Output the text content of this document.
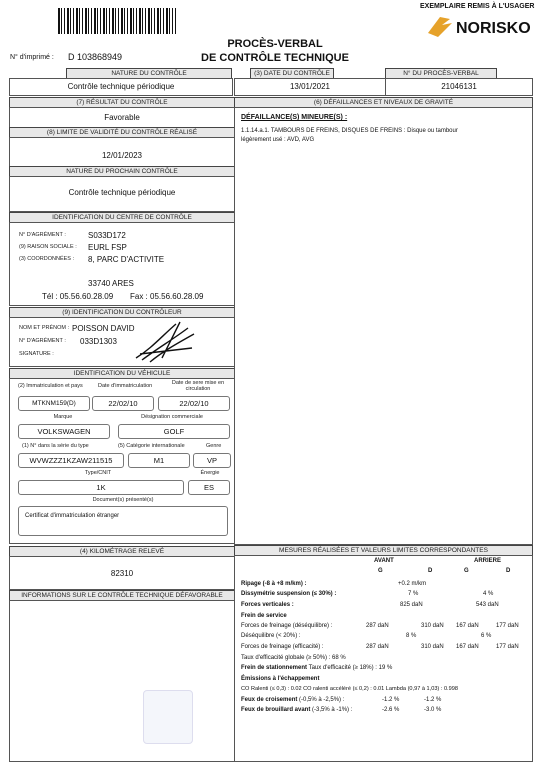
EXEMPLAIRE REMIS À L'USAGER
NORISKO
PROCÈS-VERBAL
DE CONTRÔLE TECHNIQUE
N° d'imprimé : D 103868949
NATURE DU CONTRÔLE
Contrôle technique périodique
(3) DATE DU CONTRÔLE
13/01/2021
N° DU PROCÈS-VERBAL
21046131
(7) RÉSULTAT DU CONTRÔLE
Favorable
(8) LIMITE DE VALIDITÉ DU CONTRÔLE RÉALISÉ
12/01/2023
NATURE DU PROCHAIN CONTRÔLE
Contrôle technique périodique
IDENTIFICATION DU CENTRE DE CONTRÔLE
N° D'AGRÉMENT :	S033D172
(9) RAISON SOCIALE : EURL FSP
(3) COORDONNÉES : 8, PARC D'ACTIVITE
33740 ARES
Tél : 05.56.60.28.09 Fax : 05.56.60.28.09
(9) IDENTIFICATION DU CONTRÔLEUR
NOM ET PRÉNOM : POISSON DAVID
N° D'AGRÉMENT : 033D1303
SIGNATURE :
IDENTIFICATION DU VÉHICULE
(2) Immatriculation et pays	Date d'immatriculation	Date de sere mise en circulation
MTKNM159(D)	22/02/10	22/02/10
Marque	Désignation commerciale
VOLKSWAGEN	GOLF
(1) N° dans la série du type	(5) Catégorie internationale	Genre
WVWZZZ1KZAW211515	M1	VP
Type/CNIT	Énergie
1K	ES
Document(s) présenté(s)
Certificat d'immatriculation étranger
(4) KILOMÉTRAGE RELEVÉ
82310
INFORMATIONS SUR LE CONTRÔLE TECHNIQUE DÉFAVORABLE
(6) DÉFAILLANCES ET NIVEAUX DE GRAVITÉ
DÉFAILLANCE(S) MINEURE(S) :
1.1.14.a.1. TAMBOURS DE FREINS, DISQUES DE FREINS : Disque ou tambour
légèrement usé : AVD, AVG
MESURES RÉALISÉES ET VALEURS LIMITES CORRESPONDANTES
AVANT	ARRIERE
G	D	G	D
Ripage (-8 à +8 m/km) :	+0.2 m/km
Dissymétrie suspension (≤ 30%) :	7 %	4 %
Forces verticales :	825 daN	543 daN
Frein de service
Forces de freinage (déséquilibre) :	287 daN	310 daN 167 daN	177 daN
Déséquilibre (< 20%) :	8 %	6 %
Forces de freinage (efficacité) :	287 daN	310 daN 167 daN	177 daN
Taux d'efficacité globale (≥ 50%) : 68 %
Frein de stationnement Taux d'efficacité (≥ 18%) : 19 %
Émissions à l'échappement
CO Ralenti (≤ 0,3) : 0.02 CO ralenti accéléré (≤ 0,2) : 0.01 Lambda (0,97 à 1,03) : 0.998
Feux de croisement (-0,5% à -2,5%) :	-1.2 %	-1.2 %
Feux de brouillard avant (-3,5% à -1%) :	-2.6 %	-3.0 %
